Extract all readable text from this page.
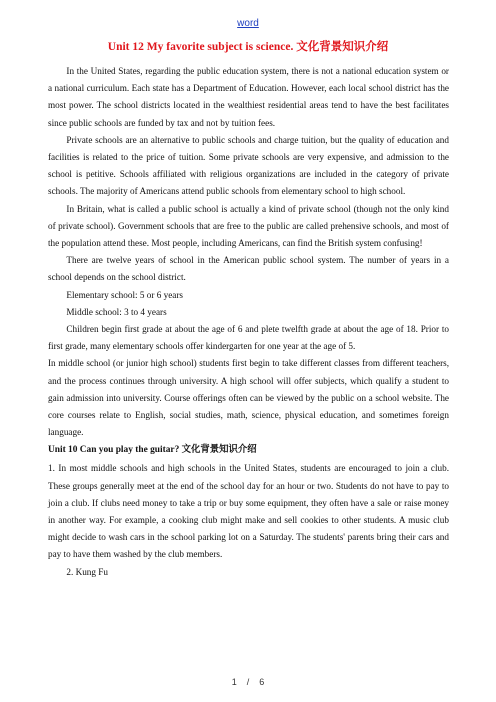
word
Unit 12 My favorite subject is science. 文化背景知识介绍

In the United States, regarding the public education system, there is not a national education system or a national curriculum. Each state has a Department of Education. However, each local school district has the most power. The school districts located in the wealthiest residential areas tend to have the best facilitates since public schools are funded by tax and not by tuition fees.

Private schools are an alternative to public schools and charge tuition, but the quality of education and facilities is related to the price of tuition. Some private schools are very expensive, and admission to the school is petitive. Schools affiliated with religious organizations are included in the category of private schools. The majority of Americans attend public schools from elementary school to high school.

In Britain, what is called a public school is actually a kind of private school (though not the only kind of private school). Government schools that are free to the public are called prehensive schools, and most of the population attend these. Most people, including Americans, can find the British system confusing!

There are twelve years of school in the American public school system. The number of years in a school depends on the school district.

Elementary school: 5 or 6 years

Middle school: 3 to 4 years

Children begin first grade at about the age of 6 and plete twelfth grade at about the age of 18. Prior to first grade, many elementary schools offer kindergarten for one year at the age of 5.

In middle school (or junior high school) students first begin to take different classes from different teachers, and the process continues through university. A high school will offer subjects, which qualify a student to gain admission into university. Course offerings often can be viewed by the public on a school website. The core courses relate to English, social studies, math, science, physical education, and sometimes foreign language.

Unit 10 Can you play the guitar? 文化背景知识介绍

1. In most middle schools and high schools in the United States, students are encouraged to join a club. These groups generally meet at the end of the school day for an hour or two. Students do not have to pay to join a club. If clubs need money to take a trip or buy some equipment, they often have a sale or raise money in another way. For example, a cooking club might make and sell cookies to other students. A music club might decide to wash cars in the school parking lot on a Saturday. The students' parents bring their cars and pay to have them washed by the club members.

2. Kung Fu

1 / 6
